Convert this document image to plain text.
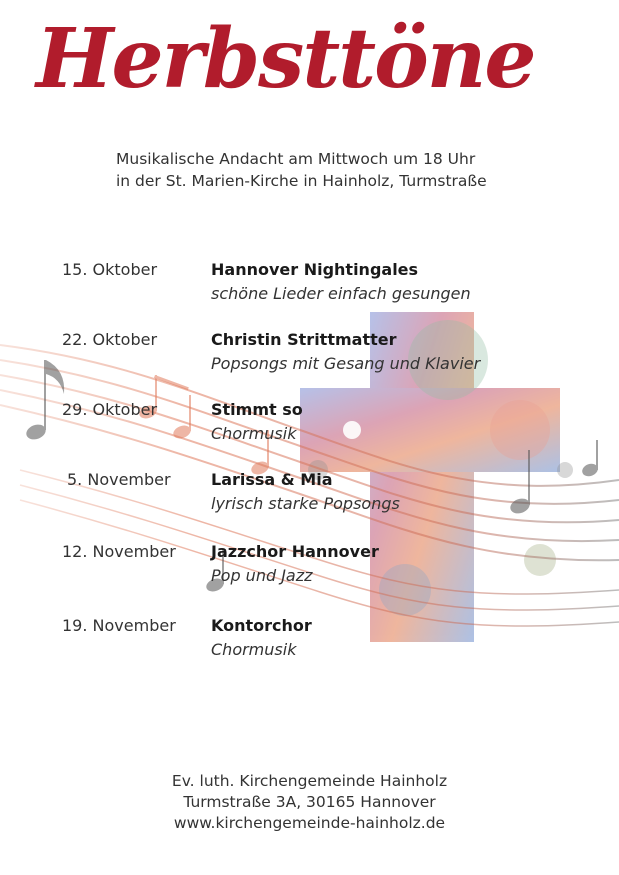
Herbsttöne
Musikalische Andacht am Mittwoch um 18 Uhr
in der St. Marien-Kirche in Hainholz, Turmstraße
15. Oktober	Hannover Nightingales
schöne Lieder einfach gesungen
22. Oktober	Christin Strittmatter
Popsongs mit Gesang und Klavier
29. Oktober	Stimmt so
Chormusik
5. November	Larissa & Mia
lyrisch starke Popsongs
12. November Jazzchor Hannover
Pop und Jazz
19. November Kontorchor
Chormusik
Ev. luth. Kirchengemeinde Hainholz
Turmstraße 3A, 30165 Hannover
www.kirchengemeinde-hainholz.de
